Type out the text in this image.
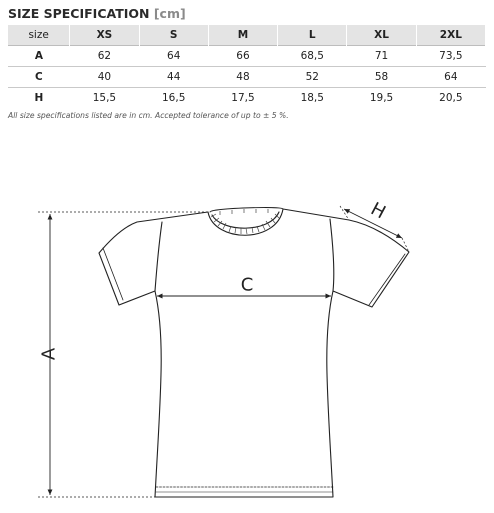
SIZE SPECIFICATION [cm]
size	XS	S	M	L	XL	2XL
A	62	64	66	68,5	71	73,5
C	40	44	48	52	58	64
H	15,5	16,5	17,5	18,5	19,5	20,5
All size specifications listed are in cm. Accepted tolerance of up to ± 5 %.
A
C
H
